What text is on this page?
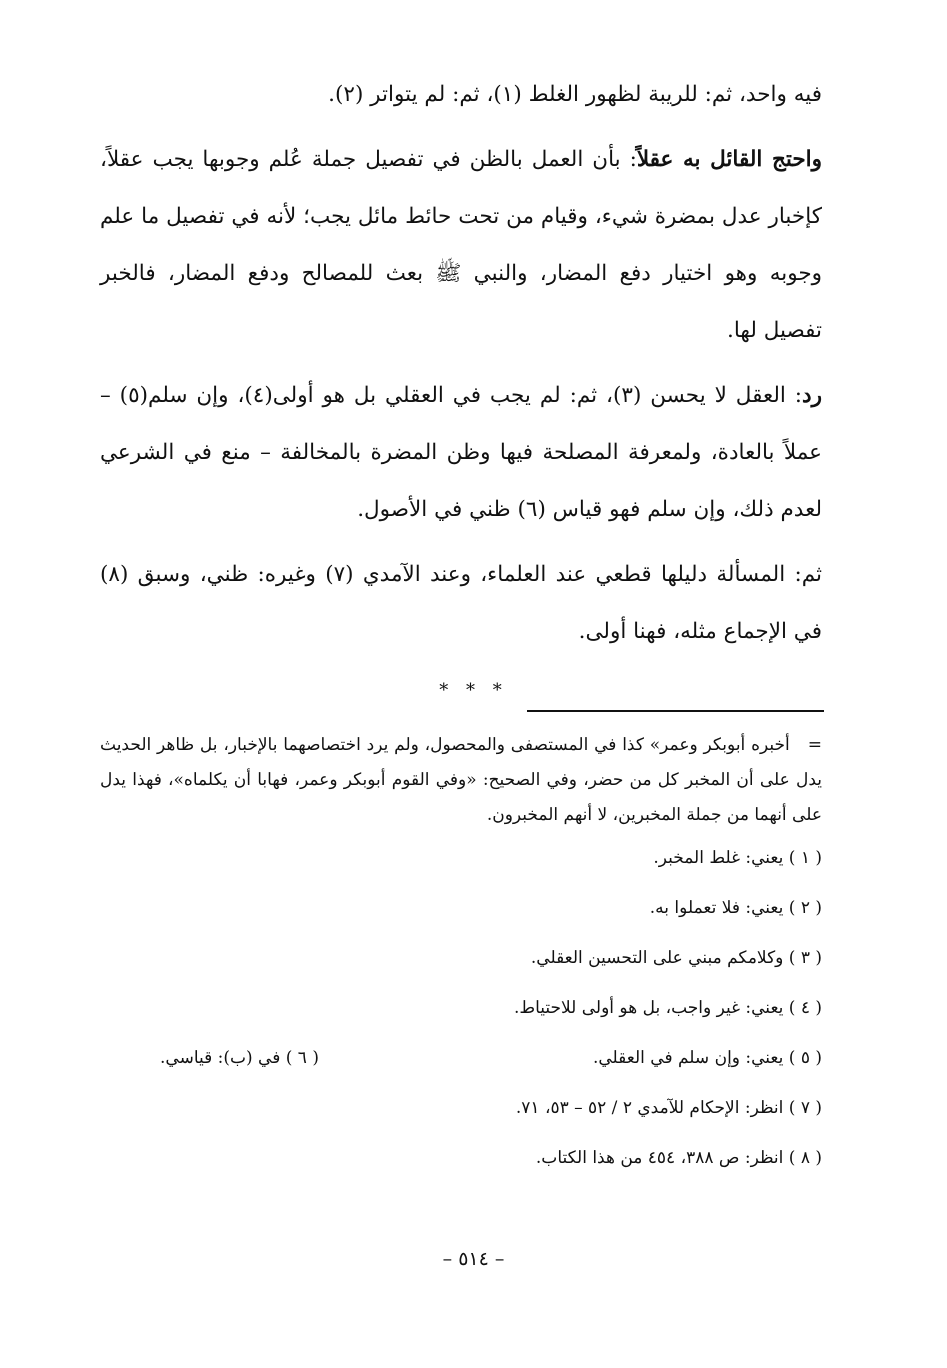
فيه واحد، ثم: للريبة لظهور الغلط (١)، ثم: لم يتواتر (٢).

واحتج القائل به عقلاً: بأن العمل بالظن في تفصيل جملة عُلم وجوبها يجب عقلاً، كإخبار عدل بمضرة شيء، وقيام من تحت حائط مائل يجب؛ لأنه في تفصيل ما علم وجوبه وهو اختيار دفع المضار، والنبي ﷺ بعث للمصالح ودفع المضار، فالخبر تفصيل لها.

رد: العقل لا يحسن (٣)، ثم: لم يجب في العقلي بل هو أولى(٤)، وإن سلم(٥) – عملاً بالعادة، ولمعرفة المصلحة فيها وظن المضرة بالمخالفة – منع في الشرعي لعدم ذلك، وإن سلم فهو قياس (٦) ظني في الأصول.

ثم: المسألة دليلها قطعي عند العلماء، وعند الآمدي (٧) وغيره: ظني، وسبق (٨) في الإجماع مثله، فهنا أولى.

* * *

=أخبره أبوبكر وعمر» كذا في المستصفى والمحصول، ولم يرد اختصاصهما بالإخبار، بل ظاهر الحديث يدل على أن المخبر كل من حضر، وفي الصحيح: «وفي القوم أبوبكر وعمر، فهابا أن يكلماه»، فهذا يدل على أنهما من جملة المخبرين، لا أنهم المخبرون.

( ١ ) يعني: غلط المخبر.

( ٢ ) يعني: فلا تعملوا به.

( ٣ ) وكلامكم مبني على التحسين العقلي.

( ٤ ) يعني: غير واجب، بل هو أولى للاحتياط.

( ٥ ) يعني: وإن سلم في العقلي.

( ٦ ) في (ب): قياسي.

( ٧ ) انظر: الإحكام للآمدي ٢ / ٥٢ – ٥٣، ٧١.

( ٨ ) انظر: ص ٣٨٨، ٤٥٤ من هذا الكتاب.

– ٥١٤ –
